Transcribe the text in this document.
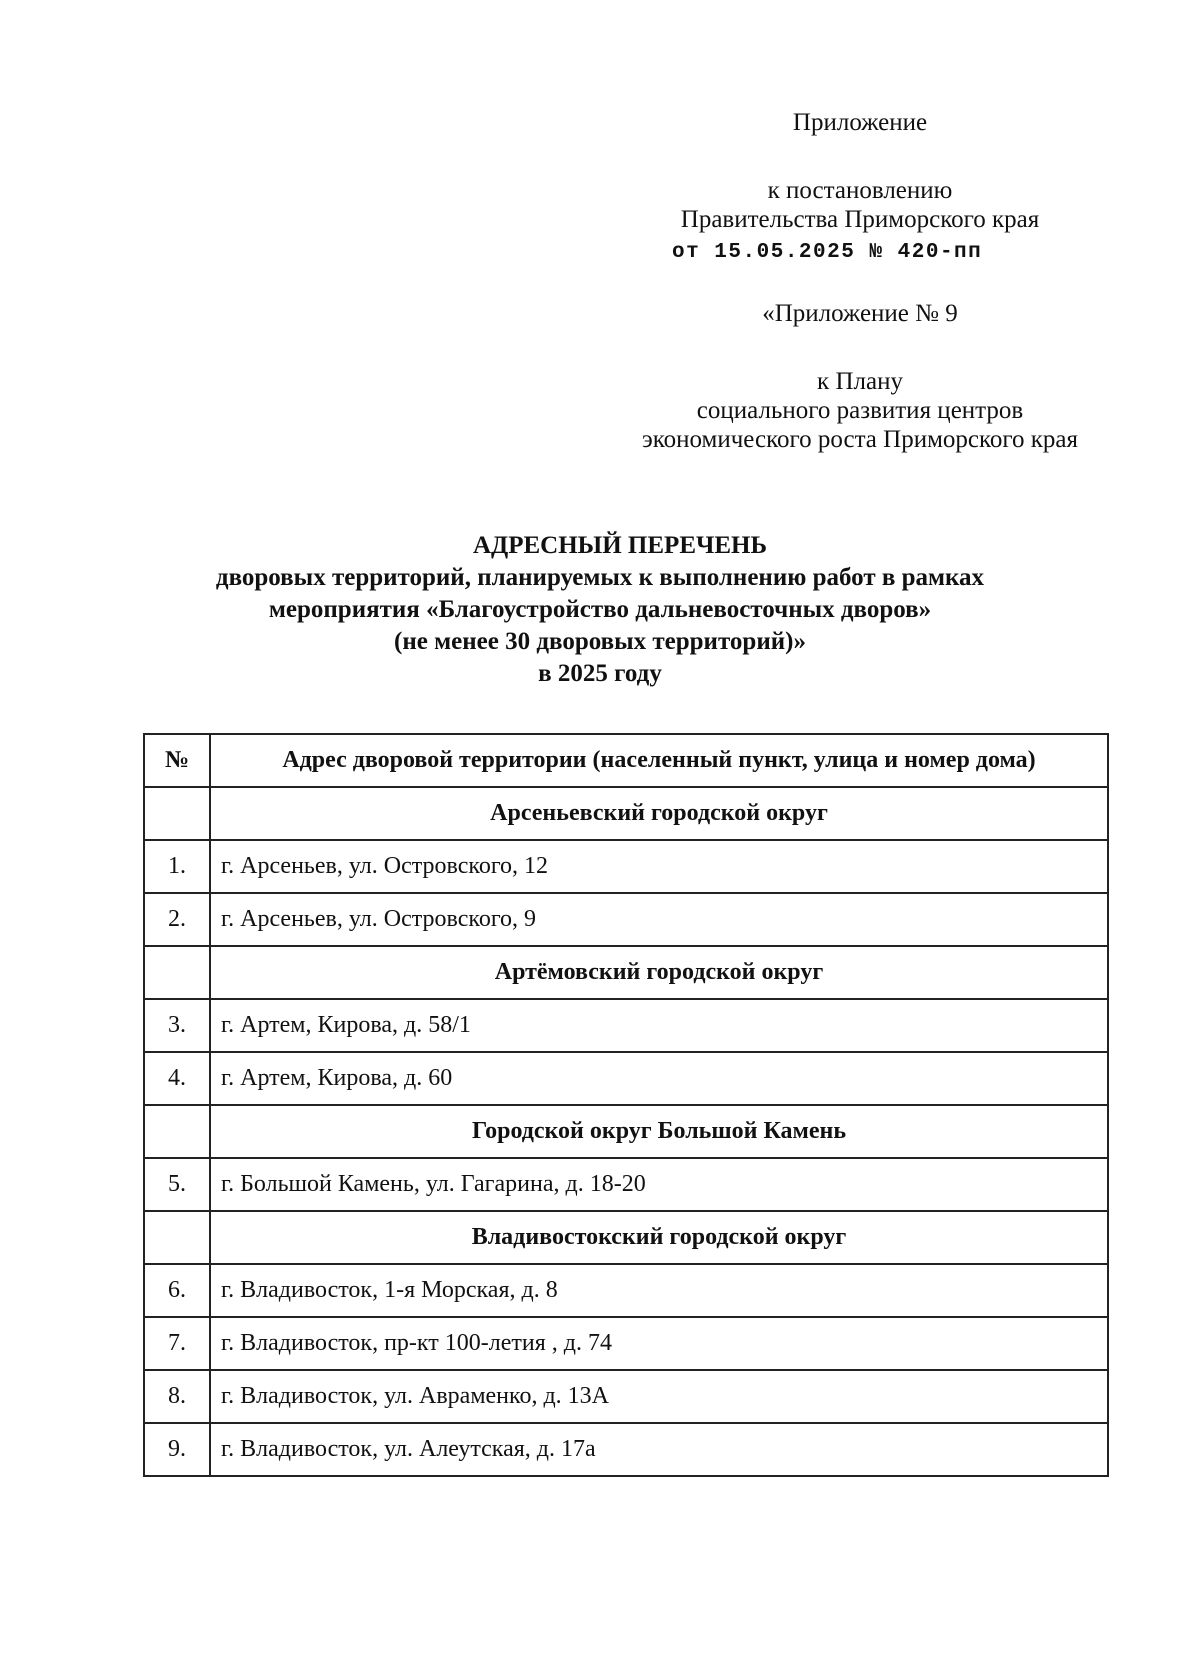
Приложение
к постановлению
Правительства Приморского края
от 15.05.2025 № 420-пп
«Приложение № 9
к Плану
социального развития центров
экономического роста Приморского края
АДРЕСНЫЙ ПЕРЕЧЕНЬ
дворовых территорий, планируемых к выполнению работ в рамках
мероприятия «Благоустройство дальневосточных дворов»
(не менее 30 дворовых территорий)»
в 2025 году
№	Адрес дворовой территории (населенный пункт, улица и номер дома)
	Арсеньевский городской округ
1.	г. Арсеньев, ул. Островского, 12
2.	г. Арсеньев, ул. Островского, 9
	Артёмовский городской округ
3.	г. Артем, Кирова, д. 58/1
4.	г. Артем, Кирова, д. 60
	Городской округ Большой Камень
5.	г. Большой Камень, ул. Гагарина, д. 18-20
	Владивостокский городской округ
6.	г. Владивосток, 1-я Морская, д. 8
7.	г. Владивосток, пр-кт 100-летия , д. 74
8.	г. Владивосток, ул. Авраменко, д. 13А
9.	г. Владивосток, ул. Алеутская, д. 17а
